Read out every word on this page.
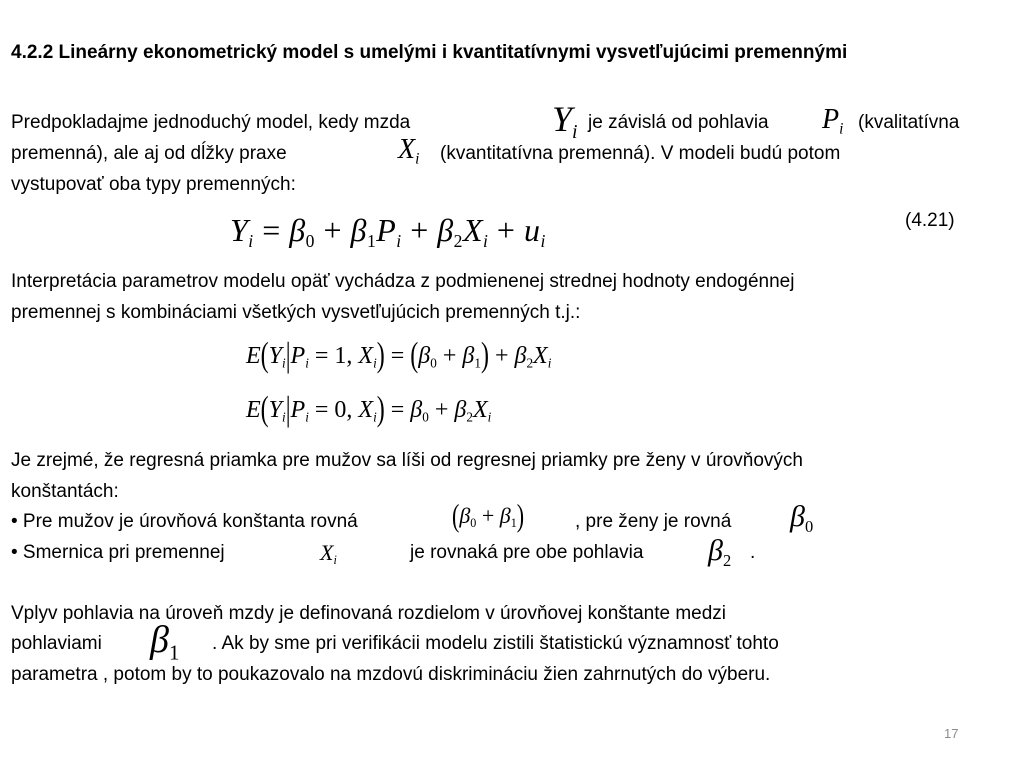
4.2.2 Lineárny ekonometrický model s umelými i kvantitatívnymi vysvetľujúcimi premennými
Predpokladajme jednoduchý model, kedy mzda	$Y_i$ je závislá od pohlavia $P_i$ (kvalitatívna
premenná), ale aj od dĺžky praxe	$X_i$ (kvantitatívna premenná). V modeli budú potom
vystupovať oba typy premenných:
$Y_i = \beta_0 + \beta_1P_i + \beta_2X_i + u_i$
(4.21)
Interpretácia parametrov modelu opäť vychádza z podmienenej strednej hodnoty endogénnej
premennej s kombináciami všetkých vysvetľujúcich premenných t.j.:
$E(Y_i|P_i = 1$, $X_i) = (\beta_0 + \beta_1) + \beta_2X_i$
$E(Y_i|P_i = 0$, $X_i) = \beta_0 + \beta_2X_i$
Je zrejmé, že regresná priamka pre mužov sa líši od regresnej priamky pre ženy v úrovňových
konštantách:
• Pre mužov je úrovňová konštanta rovná	$(\beta_0 + \beta_1)$	, pre ženy je rovná $\beta_0$
• Smernica pri premennej	$X_i$	je rovnaká pre obe pohlavia $\beta_2$ .
Vplyv pohlavia na úroveň mzdy je definovaná rozdielom v úrovňovej konštante medzi
pohlaviami $\beta_1$ . Ak by sme pri verifikácii modelu zistili štatistickú významnosť tohto
parametra , potom by to poukazovalo na mzdovú diskrimináciu žien zahrnutých do výberu.
17
